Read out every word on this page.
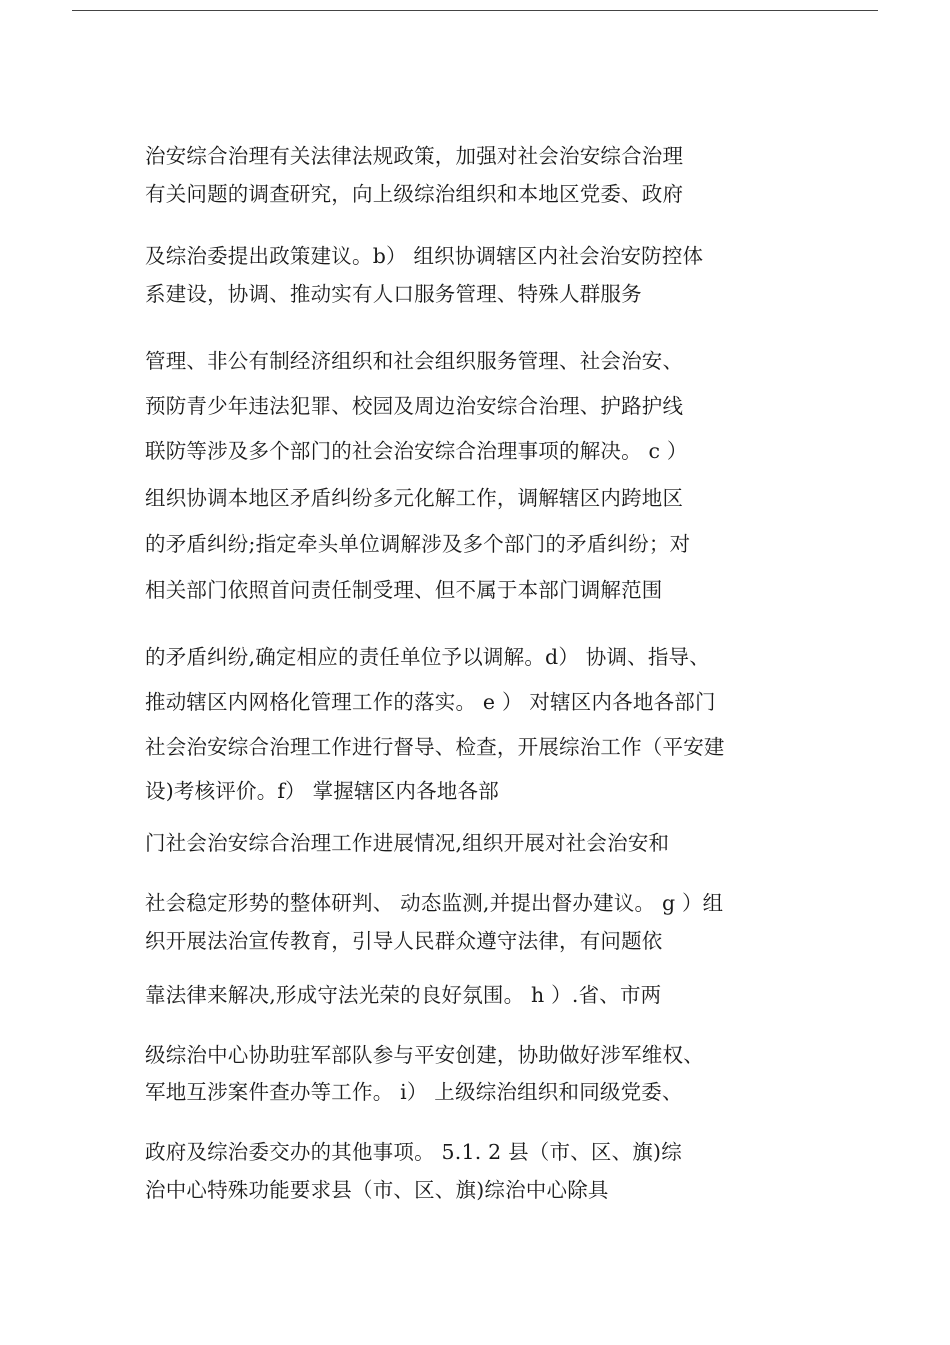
治安综合治理有关法律法规政策，加强对社会治安综合治理
有关问题的调查研究，向上级综治组织和本地区党委、政府
及综治委提出政策建议。b） 组织协调辖区内社会治安防控体
系建设，协调、推动实有人口服务管理、特殊人群服务
管理、非公有制经济组织和社会组织服务管理、社会治安、
预防青少年违法犯罪、校园及周边治安综合治理、护路护线
联防等涉及多个部门的社会治安综合治理事项的解决。 c ）
组织协调本地区矛盾纠纷多元化解工作，调解辖区内跨地区
的矛盾纠纷;指定牵头单位调解涉及多个部门的矛盾纠纷；对
相关部门依照首问责任制受理、但不属于本部门调解范围
的矛盾纠纷,确定相应的责任单位予以调解。d） 协调、指导、
推动辖区内网格化管理工作的落实。 e ） 对辖区内各地各部门
社会治安综合治理工作进行督导、检查，开展综治工作（平安建
设)考核评价。f） 掌握辖区内各地各部
门社会治安综合治理工作进展情况,组织开展对社会治安和
社会稳定形势的整体研判、 动态监测,并提出督办建议。 g ）组
织开展法治宣传教育，引导人民群众遵守法律，有问题依
靠法律来解决,形成守法光荣的良好氛围。 h ）.省、市两
级综治中心协助驻军部队参与平安创建，协助做好涉军维权、
军地互涉案件查办等工作。 i） 上级综治组织和同级党委、
政府及综治委交办的其他事项。 5.1. 2 县（市、区、旗)综
治中心特殊功能要求县（市、区、旗)综治中心除具
